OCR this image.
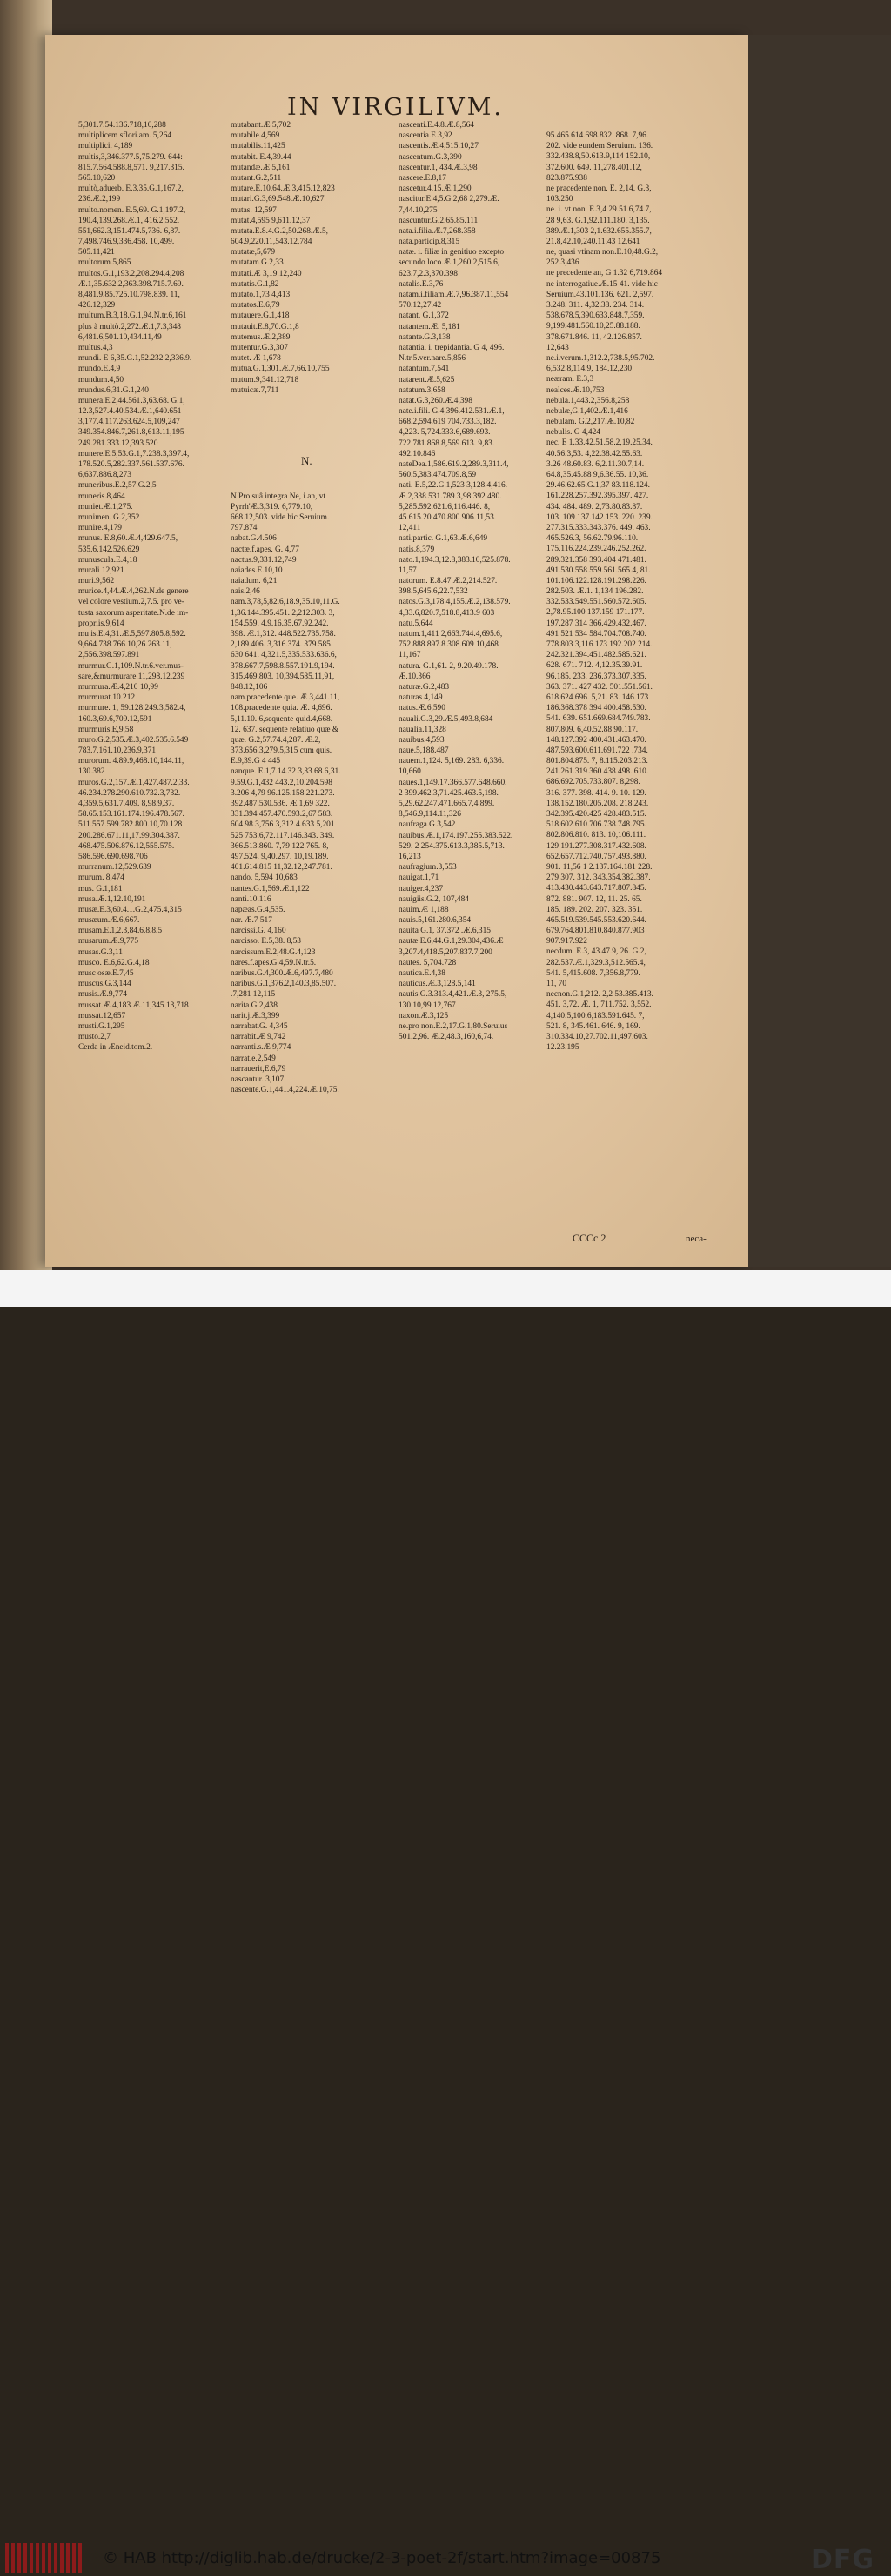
IN VIRGILIVM.
5,301.7.54.136.718,10,288
multiplicem sflori.am. 5,264
multiplici. 4,189
multis,3,346.377.5,75.279. 644:
815.7.564.588.8,571. 9,217.315.
565.10,620
multò,aduerb. E.3,35.G.1,167.2,
236.Æ.2,199
multo.nomen. E.5,69. G.1,197.2,
190.4,139.268.Æ.1, 416.2,552.
551,662.3,151.474.5,736. 6,87.
7,498.746.9,336.458. 10,499.
505.11,421
multorum.5,865
multos.G.1,193.2,208.294.4,208
Æ.1,35.632.2,363.398.715.7.69.
8,481.9,85.725.10.798.839. 11,
426.12,329
multum.B.3,18.G.1,94.N.tr.6,161
plus à multò.2,272.Æ.1,7.3,348
6,481.6,501.10,434.11,49
multus.4,3
mundi. E 6,35.G.1,52.232.2,336.9.
mundo.E.4,9
mundum.4,50
mundus.6,31.G.1,240
munera.E.2,44.561.3,63.68. G.1,
12.3,527.4.40.534.Æ.1,640.651
3,177.4,117.263.624.5,109,247
349.354.846.7,261.8,613.11,195
249.281.333.12,393.520
munere.E.5,53.G.1,7.238.3,397.4,
178.520.5,282.337.561.537.676.
6,637.886.8,273
muneribus.E.2,57.G.2,5
muneris.8,464
muniet.Æ.1,275.
munimen. G.2,352
munire.4,179
munus. E.8,60.Æ.4,429.647.5,
535.6.142.526.629
munuscula.E.4,18
murali 12,921
muri.9,562
murice.4,44.Æ.4,262.N.de genere
vel colore vestium.2,7.5. pro ve-
tusta saxorum asperitate.N.de im-
propriis.9,614
mu is.E.4,31.Æ.5,597.805.8,592.
9,664.738.766.10,26.263.11,
2,556.398.597.891
murmur.G.1,109.N.tr.6.ver.mus-
sare,&murmurare.11,298.12,239
murmura.Æ.4,210 10,99
murmurat.10.212
murmure. 1, 59.128.249.3,582.4,
160.3,69.6,709.12,591
murmuris.E,9,58
muro.G.2,535.Æ.3,402.535.6.549
783.7,161.10,236.9,371
murorum. 4.89.9,468.10,144.11,
130.382
muros.G.2,157.Æ.1,427.487.2,33.
46.234.278.290.610.732.3,732.
4,359.5,631.7.409. 8,98.9,37.
58.65.153.161.174.196.478.567.
511.557.599.782.800.10,70.128
200.286.671.11,17.99.304.387.
468.475.506.876.12,555.575.
586.596.690.698.706
murranum.12,529.639
murum. 8,474
mus. G.1,181
musa.Æ.1,12.10,191
musæ.E.3,60.4.1.G.2,475.4,315
musæum.Æ.6,667.
musam.E.1,2.3,84.6,8.8.5
musarum.Æ.9,775
musas.G.3,11
musco. E.6,62.G.4,18
musc osæ.E.7,45
muscus.G.3,144
musis.Æ.9,774
mussat.Æ.4,183.Æ.11,345.13,718
mussat.12,657
musti.G.1,295
musto.2,7
Cerda in Æneid.tom.2.
mutabant.Æ 5,702
mutabile.4,569
mutabilis.11,425
mutabit. E.4,39.44
mutandæ.Æ 5,161
mutant.G.2,511
mutare.E.10,64.Æ.3,415.12,823
mutari.G.3,69.548.Æ.10,627
mutas. 12,597
mutat.4,595 9,611.12,37
mutata.E.8.4.G.2,50.268.Æ.5,
604.9,220.11,543.12,784
mutatæ,5,679
mutatam.G.2,33
mutati.Æ 3,19.12,240
mutatis.G.1,82
mutato.1,73 4,413
mutatos.E.6,79
mutauere.G.1,418
mutauit.E.8,70.G.1,8
mutemus.Æ.2,389
mutentur.G.3,307
mutet. Æ 1,678
mutua.G.1,301.Æ.7,66.10,755
mutum.9,341.12,718
mutuicæ.7,711
N Pro suâ integra Ne, i.an, vt
Pyrrh'Æ.3,319. 6,779.10,
668.12,503. vide hic Seruium.
797.874
nabat.G.4.506
nactæ.f.apes. G. 4,77
nactus.9,331.12,749
naiades.E.10,10
naiadum. 6,21
nais.2,46
nam.3,78,5,82.6,18.9,35.10,11.G.
1,36.144.395.451. 2,212.303. 3,
154.559. 4.9.16.35.67.92.242.
398. Æ.1,312. 448.522.735.758.
2,189.406. 3,316.374. 379.585.
630 641. 4,321.5,335.533.636.6,
378.667.7,598.8.557.191.9,194.
315.469.803. 10,394.585.11,91,
848.12,106
nam.pracedente que. Æ 3,441.11,
108.pracedente quia. Æ. 4,696.
5,11.10. 6,sequente quid.4,668.
12. 637. sequente relatiuo quæ &
quæ. G.2,57.74.4,287. Æ.2,
373.656.3,279.5,315 cum quis.
E.9,39.G 4 445
nanque. E.1,7.14.32.3,33.68.6,31.
9.59.G.1,432 443.2,10.204.598
3.206 4,79 96.125.158.221.273.
392.487.530.536. Æ.1,69 322.
331.394 457.470.593.2,67 583.
604.98.3,756 3,312.4.633 5,201
525 753.6,72.117.146.343. 349.
366.513.860. 7,79 122.765. 8,
497.524. 9,40.297. 10,19.189.
401.614.815 11,32.12,247.781.
nando. 5,594 10,683
nantes.G.1,569.Æ.1,122
nanti.10.116
napæas.G.4,535.
nar. Æ.7 517
narcissi.G. 4,160
narcisso. E.5,38. 8,53
narcissum.E.2,48.G.4,123
nares.f.apes.G.4,59.N.tr.5.
naribus.G.4,300.Æ.6,497.7,480
naribus.G.1,376.2,140.3,85.507.
.7,281 12,115
narita.G.2,438
narit.j.Æ.3,399
narrabat.G. 4,345
narrabit.Æ 9,742
narranti.s.Æ 9,774
narrat.e.2,549
narrauerit,E.6,79
nascantur. 3,107
nascente.G.1,441.4,224.Æ.10,75.
nascenti.E.4.8.Æ.8,564
nascentia.E.3,92
nascentis.Æ.4,515.10,27
nascentum.G.3,390
nascentur.1, 434.Æ.3,98
nascere.E.8,17
nascetur.4,15.Æ.1,290
nascitur.E.4,5.G.2,68 2,279.Æ.
7,44.10,275
nascuntur.G.2,65.85.111
nata.i.filia.Æ.7,268.358
nata.particip.8,315
natæ. i. filiæ in genitiuo excepto
secundo loco.Æ.1,260 2,515.6,
623.7,2.3,370.398
natalis.E.3,76
natam.i.filiam.Æ.7,96.387.11,554
570.12,27.42
natant. G.1,372
natantem.Æ. 5,181
natante.G.3,138
natantia. i. trepidantia. G 4, 496.
N.tr.5.ver.nare.5,856
natantum.7,541
natarent.Æ.5,625
natatum.3,658
natat.G.3,260.Æ.4,398
nate.i.fili. G.4,396.412.531.Æ.1,
668.2,594.619 704.733.3,182.
4,223. 5,724.333.6,689.693.
722.781.868.8,569.613. 9,83.
492.10.846
nateDea.1,586.619.2,289.3,311.4,
560.5,383.474.709.8,59
nati. E.5,22.G.1,523 3,128.4,416.
Æ.2,338.531.789.3,98.392.480.
5,285.592.621.6,116.446. 8,
45.615.20.470.800.906.11,53.
12,411
nati.partic. G.1,63.Æ.6,649
natis.8,379
nato.1,194.3,12.8,383.10,525.878.
11,57
natorum. E.8.47.Æ.2,214.527.
398.5,645.6,22.7,532
natos.G.3,178 4,155.Æ.2,138.579.
4,33.6,820.7,518.8,413.9 603
natu.5,644
natum.1,411 2,663.744.4,695.6,
752.888.897.8.308.609 10,468
11,167
natura. G.1,61. 2, 9.20.49.178.
Æ.10.366
naturæ.G.2,483
naturas.4,149
natus.Æ.6,590
nauali.G.3,29.Æ.5,493.8,684
naualia.11,328
nauibus.4,593
naue.5,188.487
nauem.1,124. 5,169. 283. 6,336.
10,660
naues.1,149.17.366.577.648.660.
2 399.462.3,71.425.463.5,198.
5,29.62.247.471.665.7,4.899.
8,546.9,114.11,326
naufraga.G.3,542
nauibus.Æ.1,174.197.255.383.522.
529. 2 254.375.613.3,385.5,713.
16,213
naufragium.3,553
nauigat.1,71
nauiger.4,237
nauigiis.G.2, 107,484
nauim.Æ 1,188
nauis.5,161.280.6,354
nauita G.1, 37.372 .Æ.6,315
nautæ.E.6,44.G.1,29.304,436.Æ
3,207.4,418.5,207.837.7,200
nautes. 5,704.728
nautica.E.4,38
nauticus.Æ.3,128.5,141
nautis.G.3.313.4,421.Æ.3, 275.5,
130.10,99.12,767
naxon.Æ.3,125
ne.pro non.E.2,17.G.1,80.Seruius
501,2,96. Æ.2,48.3,160,6,74.
95.465.614.698.832. 868. 7,96.
202. vide eundem Seruium. 136.
332.438.8,50.613.9,114 152.10,
372.600. 649. 11,278.401.12,
823.875.938
ne pracedente non. E. 2,14. G.3,
103.250
ne. i. vt non. E.3,4 29.51.6,74.7,
28 9,63. G.1,92.111.180. 3,135.
389.Æ.1,303 2,1.632.655.355.7,
21.8,42.10,240.11,43 12,641
ne, quasi vtinam non.E.10,48.G.2,
252.3,436
ne precedente an, G 1.32 6,719.864
ne interrogatiue.Æ.15 41. vide hic
Seruium.43.101.136. 621. 2,597.
3.248. 311. 4,32.38. 234. 314.
538.678.5,390.633.848.7,359.
9,199.481.560.10,25.88.188.
378.671.846. 11, 42.126.857.
12,643
ne.i.verum.1,312.2,738.5,95.702.
6,532.8,114.9, 184.12,230
neæram. E.3,3
nealces.Æ.10,753
nebula.1,443.2,356.8,258
nebulæ,G.1,402.Æ.1,416
nebulam. G.2,217.Æ.10,82
nebulis. G 4,424
nec. E 1.33.42.51.58.2,19.25.34.
40.56.3,53. 4,22.38.42.55.63.
3.26 48.60.83. 6,2.11.30.7,14.
64.8,35.45.88 9,6.36.55. 10,36.
29.46.62.65.G.1,37 83.118.124.
161.228.257.392.395.397. 427.
434. 484. 489. 2,73.80.83.87.
103. 109.137.142.153. 220. 239.
277.315.333.343.376. 449. 463.
465.526.3, 56.62.79.96.110.
175.116.224.239.246.252.262.
289.321.358 393.404 471.481.
491.530.558.559.561.565.4, 81.
101.106.122.128.191.298.226.
282.503. Æ.1. 1,134 196.282.
332.533.549.551.560.572.605.
2,78.95.100 137.159 171.177.
197.287 314 366.429.432.467.
491 521 534 584.704.708.740.
778 803 3,116.173 192.202 214.
242.321.394.451.482.585.621.
628. 671. 712. 4,12.35.39.91.
96.185. 233. 236.373.307.335.
363. 371. 427 432. 501.551.561.
618.624.696. 5,21. 83. 146.173
186.368.378 394 400.458.530.
541. 639. 651.669.684.749.783.
807.809. 6,40.52.88 90.117.
148.127.392 400.431.463.470.
487.593.600.611.691.722 .734.
801.804.875. 7, 8.115.203.213.
241.261.319.360 438.498. 610.
686.692.705.733.807. 8,298.
316. 377. 398. 414. 9. 10. 129.
138.152.180.205.208. 218.243.
342.395.420.425 428.483.515.
518.602.610.706.738.748.795.
802.806.810. 813. 10,106.111.
129 191.277.308.317.432.608.
652.657.712.740.757.493.880.
901. 11,56 1 2.137.164.181 228.
279 307. 312. 343.354.382.387.
413.430.443.643.717.807.845.
872. 881. 907. 12, 11. 25. 65.
185. 189. 202. 207. 323. 351.
465.519.539.545.553.620.644.
679.764.801.810.840.877.903
907.917.922
necdum. E.3, 43.47.9, 26. G.2,
282.537.Æ.1,329.3,512.565.4,
541. 5,415.608. 7,356.8,779.
11, 70
necnon.G.1,212. 2,2 53.385.413.
451. 3,72. Æ. 1, 711.752. 3,552.
4,140.5,100.6,183.591.645. 7,
521. 8, 345.461. 646. 9, 169.
310.334.10,27.702.11,497.603.
12.23.195
N.
CCCc 2	neca-
© HAB http://diglib.hab.de/drucke/2-3-poet-2f/start.htm?image=00875	DFG
